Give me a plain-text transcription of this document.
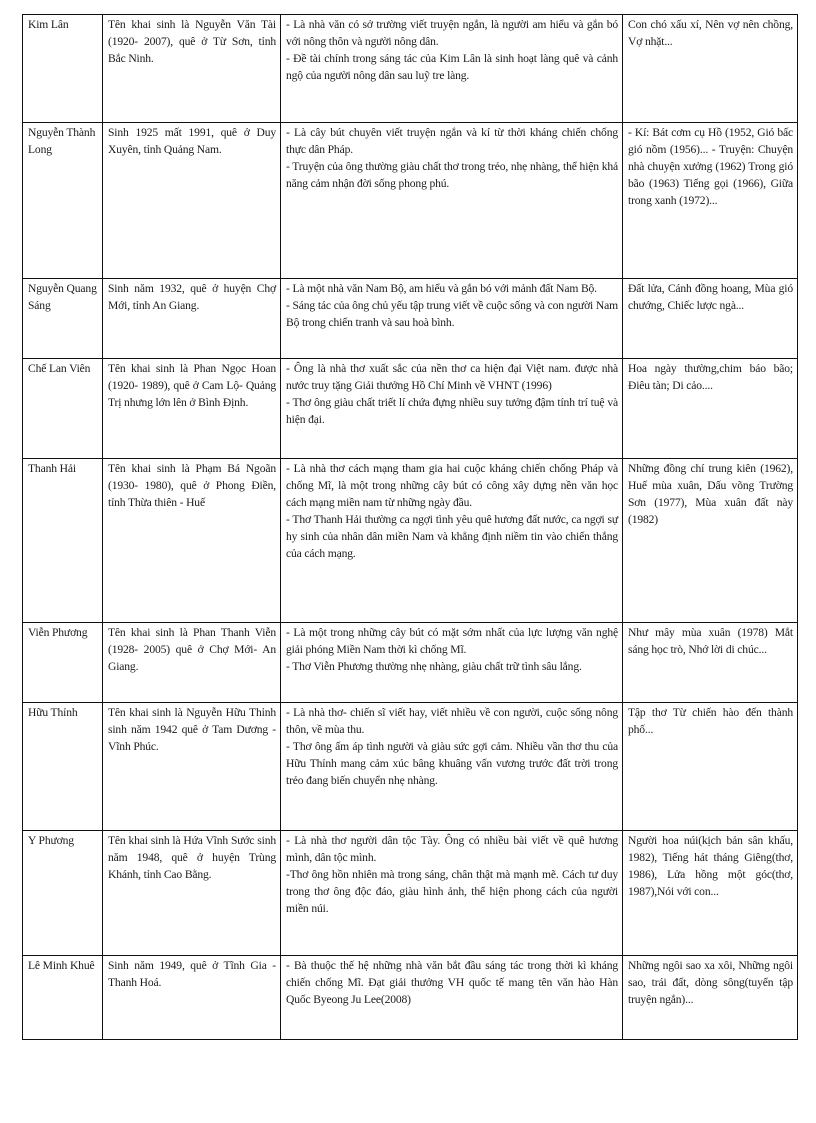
Kim Lân	Tên khai sinh là Nguyễn Văn Tài (1920- 2007), quê ở Từ Sơn, tỉnh Bắc Ninh.	- Là nhà văn có sở trường viết truyện ngắn, là người am hiểu và gắn bó với nông thôn và người nông dân.
- Đề tài chính trong sáng tác của Kim Lân là sinh hoạt làng quê và cảnh ngộ của người nông dân sau luỹ tre làng.	Con chó xấu xí, Nên vợ nên chồng, Vợ nhặt...
Nguyễn Thành Long	Sinh 1925 mất 1991, quê ở Duy Xuyên, tỉnh Quảng Nam.	- Là cây bút chuyên viết truyện ngắn và kí từ thời kháng chiến chống thực dân Pháp.
- Truyện của ông thường giàu chất thơ trong trẻo, nhẹ nhàng, thể hiện khả năng cảm nhận đời sống phong phú.	- Kí: Bát cơm cụ Hồ (1952, Gió bấc gió nồm (1956)... - Truyện: Chuyện nhà chuyện xưởng (1962) Trong gió bão (1963) Tiếng gọi (1966), Giữa trong xanh (1972)...
Nguyễn Quang Sáng	Sinh năm 1932, quê ở huyện Chợ Mới, tỉnh An Giang.	- Là một nhà văn Nam Bộ, am hiểu và gắn bó với mảnh đất Nam Bộ.
- Sáng tác của ông chủ yếu tập trung viết về cuộc sống và con người Nam Bộ trong chiến tranh và sau hoà bình.	Đất lửa, Cánh đồng hoang, Mùa gió chướng, Chiếc lược ngà...
Chế Lan Viên	Tên khai sinh là Phan Ngọc Hoan (1920- 1989), quê ở Cam Lộ- Quảng Trị nhưng lớn lên ở Bình Định.	- Ông là nhà thơ xuất sắc của nền thơ ca hiện đại Việt nam. được nhà nước truy tặng Giải thưởng Hồ Chí Minh về VHNT (1996)
- Thơ ông giàu chất triết lí chứa đựng nhiều suy tưởng đậm tính trí tuệ và hiện đại.	Hoa ngày thường,chim báo bão; Điêu tàn; Di cảo....
Thanh Hải	Tên khai sinh là Phạm Bá Ngoãn (1930- 1980), quê ở Phong Điền, tỉnh Thừa thiên - Huế	- Là nhà thơ cách mạng tham gia hai cuộc kháng chiến chống Pháp và chống Mĩ, là một trong những cây bút có công xây dựng nền văn học cách mạng miền nam từ những ngày đầu.
- Thơ Thanh Hải thường ca ngợi tình yêu quê hương đất nước, ca ngợi sự hy sinh của nhân dân miền Nam và khẳng định niềm tin vào chiến thắng của cách mạng.	Những đồng chí trung kiên (1962), Huế mùa xuân, Dấu võng Trường Sơn (1977), Mùa xuân đất này (1982)
Viễn Phương	Tên khai sinh là Phan Thanh Viễn (1928- 2005) quê ở Chợ Mới- An Giang.	- Là một trong những cây bút có mặt sớm nhất của lực lượng văn nghệ giải phóng Miền Nam thời kì chống Mĩ.
- Thơ Viễn Phương thường nhẹ nhàng, giàu chất trữ tình sâu lắng.	Như mây mùa xuân (1978) Mắt sáng học trò, Nhớ lời di chúc...
Hữu Thỉnh	Tên khai sinh là Nguyễn Hữu Thỉnh sinh năm 1942 quê ở Tam Dương - Vĩnh Phúc.	- Là nhà thơ- chiến sĩ viết hay, viết nhiều về con người, cuộc sống nông thôn, về mùa thu.
- Thơ ông ấm áp tình người và giàu sức gợi cảm. Nhiều vần thơ thu của Hữu Thỉnh mang cảm xúc bâng khuâng vấn vương trước đất trời trong trẻo đang biến chuyển nhẹ nhàng.	Tập thơ Từ chiến hào đến thành phố...
Y Phương	Tên khai sinh là Hứa Vĩnh Sước sinh năm 1948, quê ở huyện Trùng Khánh, tỉnh Cao Bằng.	- Là nhà thơ người dân tộc Tày. Ông có nhiều bài viết về quê hương mình, dân tộc mình.
-Thơ ông hồn nhiên mà trong sáng, chân thật mà mạnh mẽ. Cách tư duy trong thơ ông độc đáo, giàu hình ảnh, thể hiện phong cách của người miền núi.	Người hoa núi(kịch bản sân khấu, 1982), Tiếng hát tháng Giêng(thơ, 1986), Lửa hồng một góc(thơ, 1987),Nói với con...
Lê Minh Khuê	Sinh năm 1949, quê ở Tĩnh Gia - Thanh Hoá.	- Bà thuộc thế hệ những nhà văn bắt đầu sáng tác trong thời kì kháng chiến chống Mĩ. Đạt giải thưởng VH quốc tế mang tên văn hào Hàn Quốc Byeong Ju Lee(2008)	Những ngôi sao xa xôi, Những ngôi sao, trái đất, dòng sông(tuyển tập truyện ngắn)...
